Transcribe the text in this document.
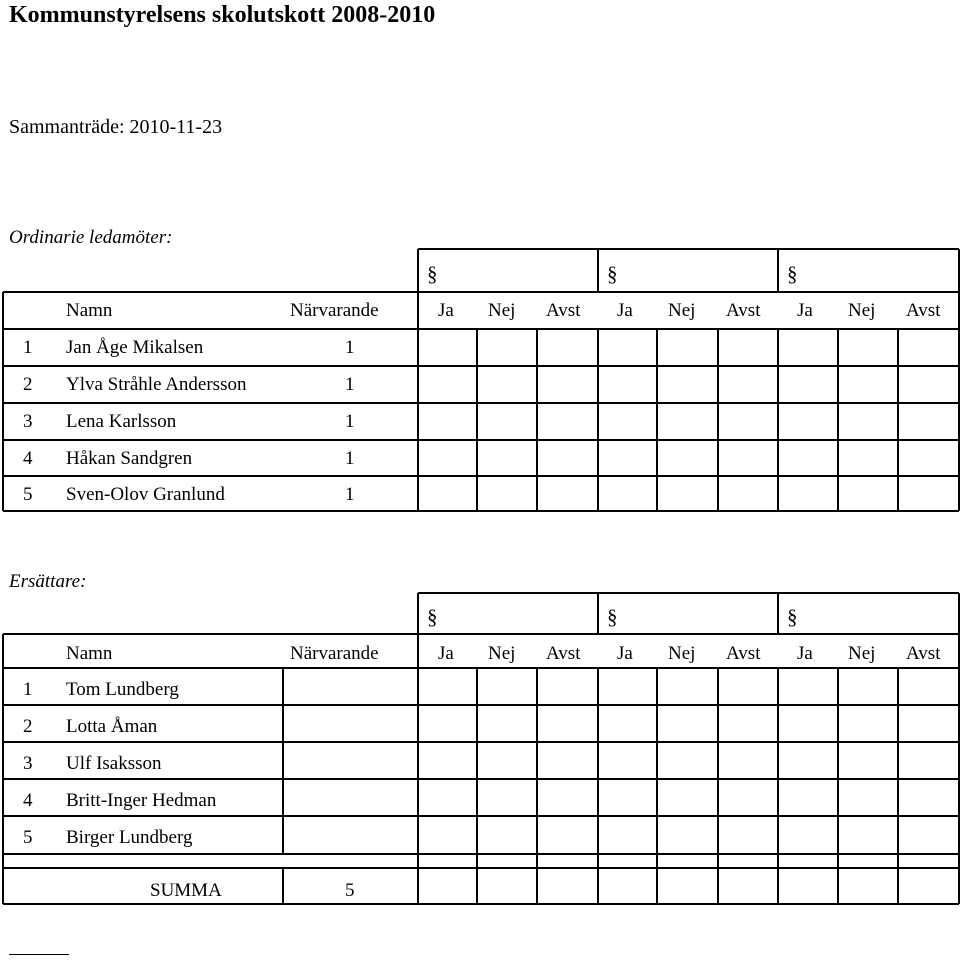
Kommunstyrelsens skolutskott 2008-2010
Sammanträde: 2010-11-23
Ordinarie ledamöter:
§	§	§
Namn	Närvarande	Ja Nej Avst Ja Nej Avst Ja Nej Avst
1 Jan Åge Mikalsen	1
2 Ylva Stråhle Andersson	1
3 Lena Karlsson	1
4 Håkan Sandgren	1
5 Sven-Olov Granlund	1
Ersättare:
§	§	§
Namn	Närvarande	Ja Nej Avst Ja Nej Avst Ja Nej Avst
1 Tom Lundberg
2 Lotta Åman
3 Ulf Isaksson
4 Britt-Inger Hedman
5 Birger Lundberg
SUMMA	5
